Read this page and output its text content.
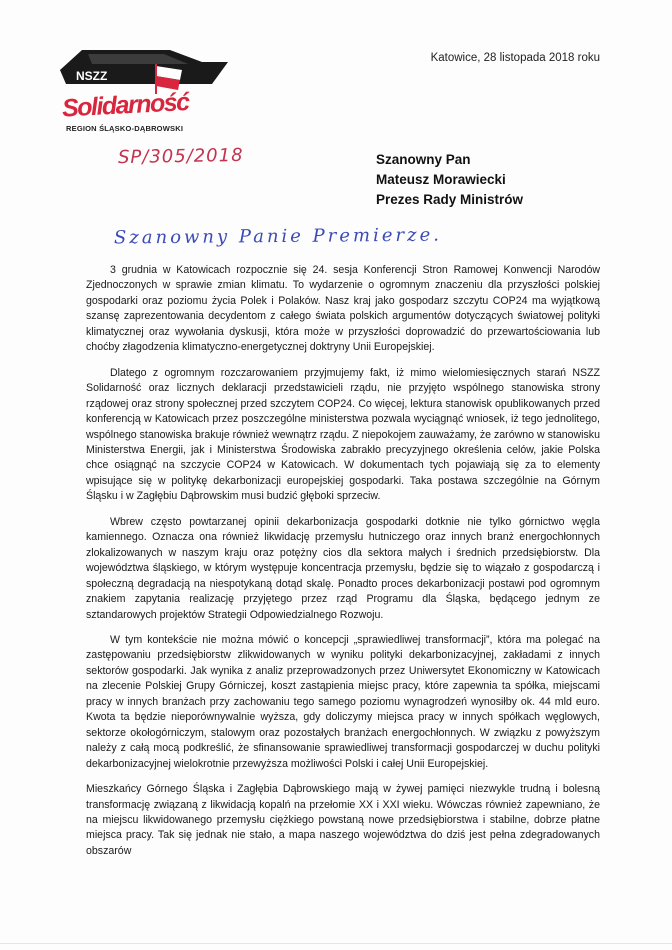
NSZZ
Solidarność
REGION ŚLĄSKO-DĄBROWSKI
Katowice, 28 listopada 2018 roku
SP/305/2018	Szanowny Pan
Mateusz Morawiecki
Prezes Rady Ministrów
Szanowny Panie Premierze.

3 grudnia w Katowicach rozpocznie się 24. sesja Konferencji Stron Ramowej Konwencji Narodów Zjednoczonych w sprawie zmian klimatu. To wydarzenie o ogromnym znaczeniu dla przyszłości polskiej gospodarki oraz poziomu życia Polek i Polaków. Nasz kraj jako gospodarz szczytu COP24 ma wyjątkową szansę zaprezentowania decydentom z całego świata polskich argumentów dotyczących światowej polityki klimatycznej oraz wywołania dyskusji, która może w przyszłości doprowadzić do przewartościowania lub choćby złagodzenia klimatyczno-energetycznej doktryny Unii Europejskiej.

Dlatego z ogromnym rozczarowaniem przyjmujemy fakt, iż mimo wielomiesięcznych starań NSZZ Solidarność oraz licznych deklaracji przedstawicieli rządu, nie przyjęto wspólnego stanowiska strony rządowej oraz strony społecznej przed szczytem COP24. Co więcej, lektura stanowisk opublikowanych przed konferencją w Katowicach przez poszczególne ministerstwa pozwala wyciągnąć wniosek, iż tego jednolitego, wspólnego stanowiska brakuje również wewnątrz rządu. Z niepokojem zauważamy, że zarówno w stanowisku Ministerstwa Energii, jak i Ministerstwa Środowiska zabrakło precyzyjnego określenia celów, jakie Polska chce osiągnąć na szczycie COP24 w Katowicach. W dokumentach tych pojawiają się za to elementy wpisujące się w politykę dekarbonizacji europejskiej gospodarki. Taka postawa szczególnie na Górnym Śląsku i w Zagłębiu Dąbrowskim musi budzić głęboki sprzeciw.

Wbrew często powtarzanej opinii dekarbonizacja gospodarki dotknie nie tylko górnictwo węgla kamiennego. Oznacza ona również likwidację przemysłu hutniczego oraz innych branż energochłonnych zlokalizowanych w naszym kraju oraz potężny cios dla sektora małych i średnich przedsiębiorstw. Dla województwa śląskiego, w którym występuje koncentracja przemysłu, będzie się to wiązało z gospodarczą i społeczną degradacją na niespotykaną dotąd skalę. Ponadto proces dekarbonizacji postawi pod ogromnym znakiem zapytania realizację przyjętego przez rząd Programu dla Śląska, będącego jednym ze sztandarowych projektów Strategii Odpowiedzialnego Rozwoju.

W tym kontekście nie można mówić o koncepcji „sprawiedliwej transformacji”, która ma polegać na zastępowaniu przedsiębiorstw zlikwidowanych w wyniku polityki dekarbonizacyjnej, zakładami z innych sektorów gospodarki. Jak wynika z analiz przeprowadzonych przez Uniwersytet Ekonomiczny w Katowicach na zlecenie Polskiej Grupy Górniczej, koszt zastąpienia miejsc pracy, które zapewnia ta spółka, miejscami pracy w innych branżach przy zachowaniu tego samego poziomu wynagrodzeń wynosiłby ok. 44 mld euro. Kwota ta będzie nieporównywalnie wyższa, gdy doliczymy miejsca pracy w innych spółkach węglowych, sektorze okołogórniczym, stalowym oraz pozostałych branżach energochłonnych. W związku z powyższym należy z całą mocą podkreślić, że sfinansowanie sprawiedliwej transformacji gospodarczej w duchu polityki dekarbonizacyjnej wielokrotnie przewyższa możliwości Polski i całej Unii Europejskiej.

Mieszkańcy Górnego Śląska i Zagłębia Dąbrowskiego mają w żywej pamięci niezwykle trudną i bolesną transformację związaną z likwidacją kopalń na przełomie XX i XXI wieku. Wówczas również zapewniano, że na miejscu likwidowanego przemysłu ciężkiego powstaną nowe przedsiębiorstwa i stabilne, dobrze płatne miejsca pracy. Tak się jednak nie stało, a mapa naszego województwa do dziś jest pełna zdegradowanych obszarów
